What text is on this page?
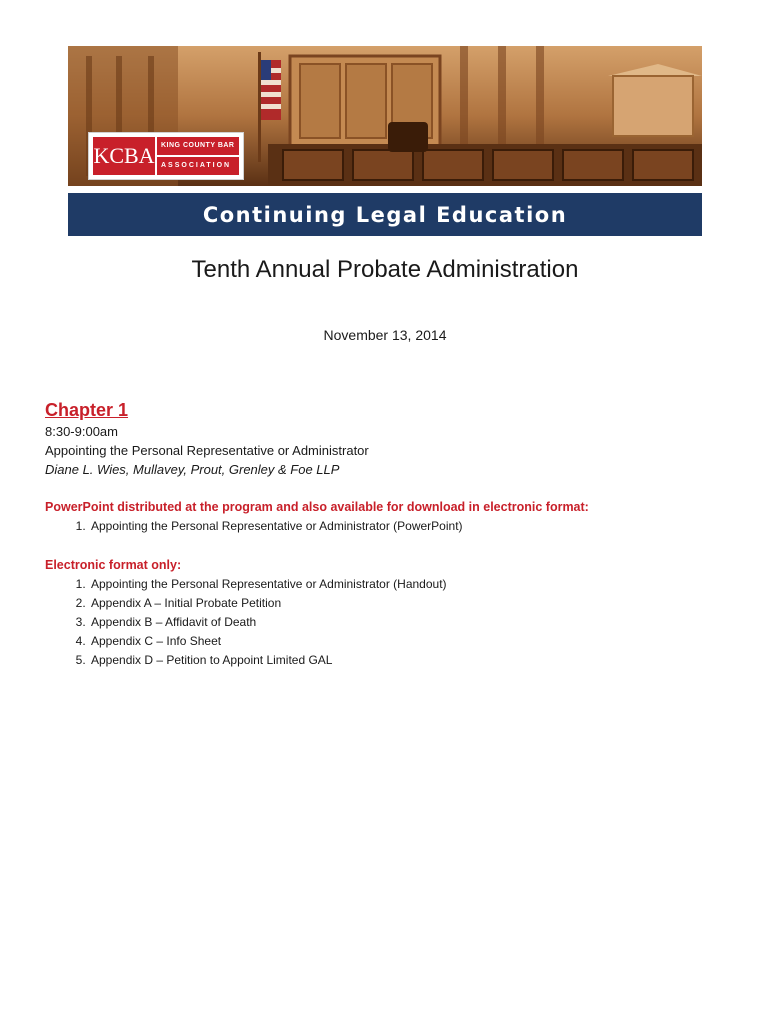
KCBA KING COUNTY BAR
ASSOCIATION
Continuing Legal Education
Tenth Annual Probate Administration
November 13, 2014
Chapter 1
8:30-9:00am
Appointing the Personal Representative or Administrator
Diane L. Wies, Mullavey, Prout, Grenley & Foe LLP
PowerPoint distributed at the program and also available for download in electronic format:
1. Appointing the Personal Representative or Administrator (PowerPoint)
Electronic format only:
1. Appointing the Personal Representative or Administrator (Handout)
2. Appendix A – Initial Probate Petition
3. Appendix B – Affidavit of Death
4. Appendix C – Info Sheet
5. Appendix D – Petition to Appoint Limited GAL
